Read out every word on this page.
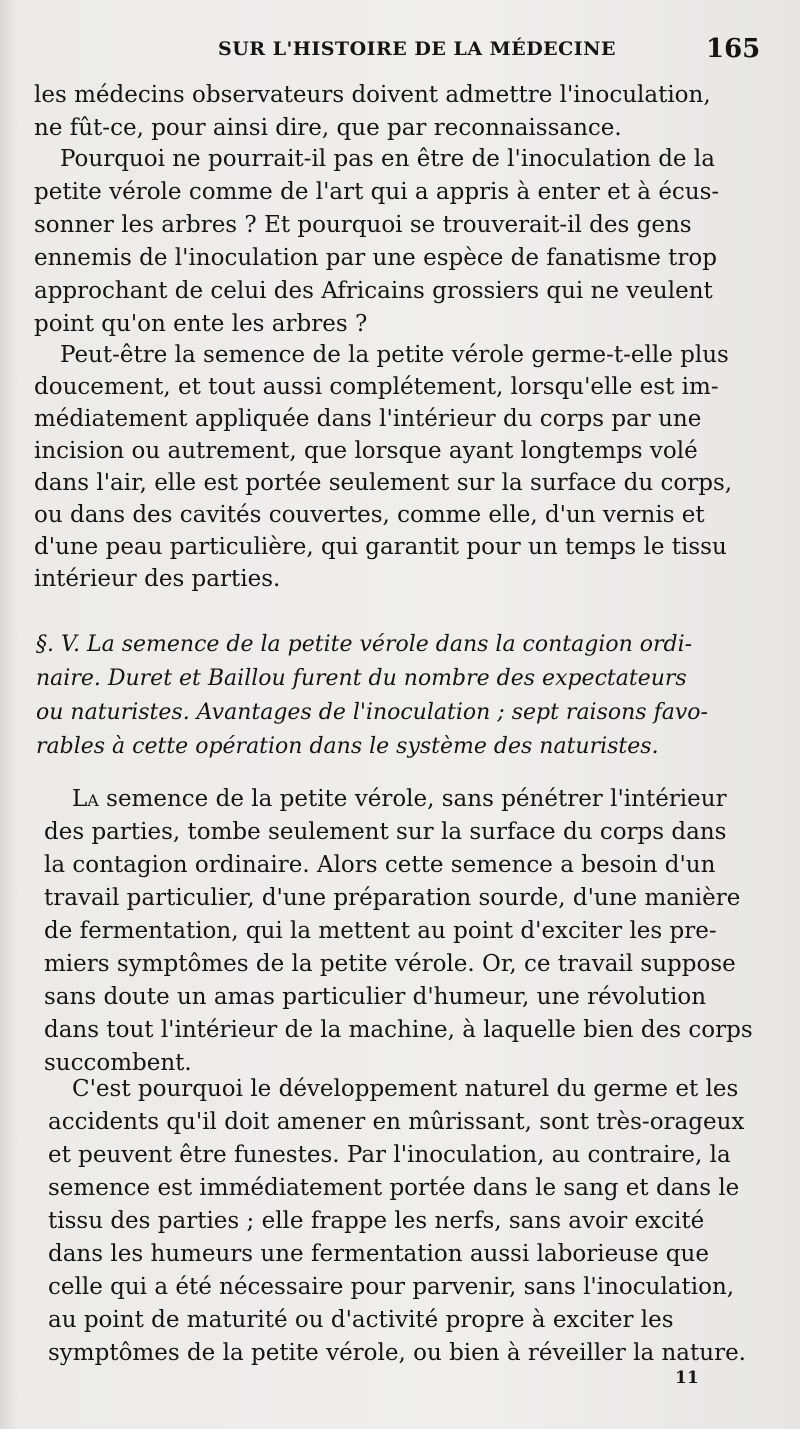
SUR L'HISTOIRE DE LA MÉDECINE	165
les médecins observateurs doivent admettre l'inoculation,
ne fût-ce, pour ainsi dire, que par reconnaissance.
Pourquoi ne pourrait-il pas en être de l'inoculation de la
petite vérole comme de l'art qui a appris à enter et à écus-
sonner les arbres ? Et pourquoi se trouverait-il des gens
ennemis de l'inoculation par une espèce de fanatisme trop
approchant de celui des Africains grossiers qui ne veulent
point qu'on ente les arbres ?
Peut-être la semence de la petite vérole germe-t-elle plus
doucement, et tout aussi complétement, lorsqu'elle est im-
médiatement appliquée dans l'intérieur du corps par une
incision ou autrement, que lorsque ayant longtemps volé
dans l'air, elle est portée seulement sur la surface du corps,
ou dans des cavités couvertes, comme elle, d'un vernis et
d'une peau particulière, qui garantit pour un temps le tissu
intérieur des parties.
§. V. La semence de la petite vérole dans la contagion ordi-
naire. Duret et Baillou furent du nombre des expectateurs
ou naturistes. Avantages de l'inoculation ; sept raisons favo-
rables à cette opération dans le système des naturistes.
La semence de la petite vérole, sans pénétrer l'intérieur
des parties, tombe seulement sur la surface du corps dans
la contagion ordinaire. Alors cette semence a besoin d'un
travail particulier, d'une préparation sourde, d'une manière
de fermentation, qui la mettent au point d'exciter les pre-
miers symptômes de la petite vérole. Or, ce travail suppose
sans doute un amas particulier d'humeur, une révolution
dans tout l'intérieur de la machine, à laquelle bien des corps
succombent.
C'est pourquoi le développement naturel du germe et les
accidents qu'il doit amener en mûrissant, sont très-orageux
et peuvent être funestes. Par l'inoculation, au contraire, la
semence est immédiatement portée dans le sang et dans le
tissu des parties ; elle frappe les nerfs, sans avoir excité
dans les humeurs une fermentation aussi laborieuse que
celle qui a été nécessaire pour parvenir, sans l'inoculation,
au point de maturité ou d'activité propre à exciter les
symptômes de la petite vérole, ou bien à réveiller la nature.
11
